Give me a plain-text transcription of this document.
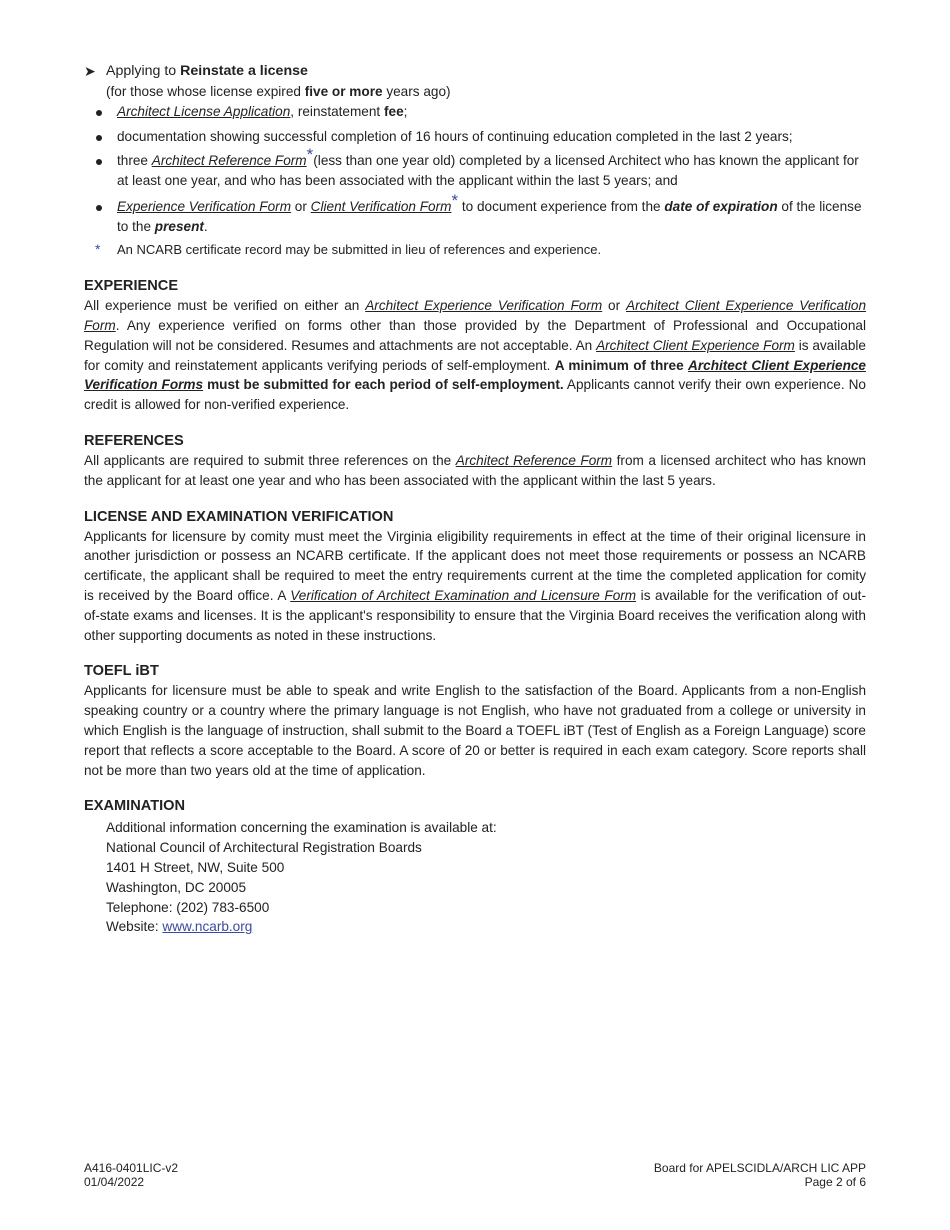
➤ Applying to Reinstate a license
(for those whose license expired five or more years ago)
Architect License Application, reinstatement fee;
documentation showing successful completion of 16 hours of continuing education completed in the last 2 years;
three Architect Reference Form*(less than one year old) completed by a licensed Architect who has known the applicant for at least one year, and who has been associated with the applicant within the last 5 years; and
Experience Verification Form or Client Verification Form* to document experience from the date of expiration of the license to the present.
* An NCARB certificate record may be submitted in lieu of references and experience.
EXPERIENCE
All experience must be verified on either an Architect Experience Verification Form or Architect Client Experience Verification Form. Any experience verified on forms other than those provided by the Department of Professional and Occupational Regulation will not be considered. Resumes and attachments are not acceptable. An Architect Client Experience Form is available for comity and reinstatement applicants verifying periods of self-employment. A minimum of three Architect Client Experience Verification Forms must be submitted for each period of self-employment. Applicants cannot verify their own experience. No credit is allowed for non-verified experience.
REFERENCES
All applicants are required to submit three references on the Architect Reference Form from a licensed architect who has known the applicant for at least one year and who has been associated with the applicant within the last 5 years.
LICENSE AND EXAMINATION VERIFICATION
Applicants for licensure by comity must meet the Virginia eligibility requirements in effect at the time of their original licensure in another jurisdiction or possess an NCARB certificate. If the applicant does not meet those requirements or possess an NCARB certificate, the applicant shall be required to meet the entry requirements current at the time the completed application for comity is received by the Board office. A Verification of Architect Examination and Licensure Form is available for the verification of out-of-state exams and licenses. It is the applicant's responsibility to ensure that the Virginia Board receives the verification along with other supporting documents as noted in these instructions.
TOEFL iBT
Applicants for licensure must be able to speak and write English to the satisfaction of the Board. Applicants from a non-English speaking country or a country where the primary language is not English, who have not graduated from a college or university in which English is the language of instruction, shall submit to the Board a TOEFL iBT (Test of English as a Foreign Language) score report that reflects a score acceptable to the Board. A score of 20 or better is required in each exam category. Score reports shall not be more than two years old at the time of application.
EXAMINATION
Additional information concerning the examination is available at:
National Council of Architectural Registration Boards
1401 H Street, NW, Suite 500
Washington, DC 20005
Telephone: (202) 783-6500
Website: www.ncarb.org
A416-0401LIC-v2
01/04/2022
Board for APELSCIDLA/ARCH LIC APP
Page 2 of 6
